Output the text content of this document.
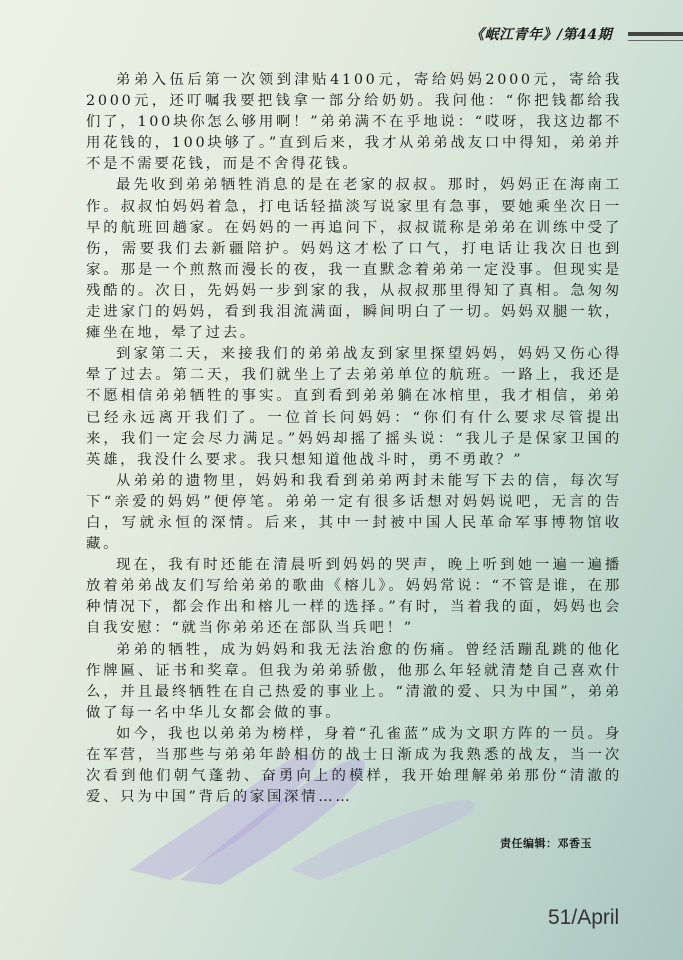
《岷江青年》/第44期

弟弟入伍后第一次领到津贴4100元，寄给妈妈2000元，寄给我2000元，还叮嘱我要把钱拿一部分给奶奶。我问他：“你把钱都给我们了，100块你怎么够用啊！”弟弟满不在乎地说：“哎呀，我这边都不用花钱的，100块够了。”直到后来，我才从弟弟战友口中得知，弟弟并不是不需要花钱，而是不舍得花钱。

最先收到弟弟牺牲消息的是在老家的叔叔。那时，妈妈正在海南工作。叔叔怕妈妈着急，打电话轻描淡写说家里有急事，要她乘坐次日一早的航班回趟家。在妈妈的一再追问下，叔叔谎称是弟弟在训练中受了伤，需要我们去新疆陪护。妈妈这才松了口气，打电话让我次日也到家。那是一个煎熬而漫长的夜，我一直默念着弟弟一定没事。但现实是残酷的。次日，先妈妈一步到家的我，从叔叔那里得知了真相。急匆匆走进家门的妈妈，看到我泪流满面，瞬间明白了一切。妈妈双腿一软，瘫坐在地，晕了过去。

到家第二天，来接我们的弟弟战友到家里探望妈妈，妈妈又伤心得晕了过去。第二天，我们就坐上了去弟弟单位的航班。一路上，我还是不愿相信弟弟牺牲的事实。直到看到弟弟躺在冰棺里，我才相信，弟弟已经永远离开我们了。一位首长问妈妈：“你们有什么要求尽管提出来，我们一定会尽力满足。”妈妈却摇了摇头说：“我儿子是保家卫国的英雄，我没什么要求。我只想知道他战斗时，勇不勇敢？”

从弟弟的遗物里，妈妈和我看到弟弟两封未能写下去的信，每次写下“亲爱的妈妈”便停笔。弟弟一定有很多话想对妈妈说吧，无言的告白，写就永恒的深情。后来，其中一封被中国人民革命军事博物馆收藏。

现在，我有时还能在清晨听到妈妈的哭声，晚上听到她一遍一遍播放着弟弟战友们写给弟弟的歌曲《榕儿》。妈妈常说：“不管是谁，在那种情况下，都会作出和榕儿一样的选择。”有时，当着我的面，妈妈也会自我安慰：“就当你弟弟还在部队当兵吧！”

弟弟的牺牲，成为妈妈和我无法治愈的伤痛。曾经活蹦乱跳的他化作牌匾、证书和奖章。但我为弟弟骄傲，他那么年轻就清楚自己喜欢什么，并且最终牺牲在自己热爱的事业上。“清澈的爱、只为中国”，弟弟做了每一名中华儿女都会做的事。

如今，我也以弟弟为榜样，身着“孔雀蓝”成为文职方阵的一员。身在军营，当那些与弟弟年龄相仿的战士日渐成为我熟悉的战友，当一次次看到他们朝气蓬勃、奋勇向上的模样，我开始理解弟弟那份“清澈的爱、只为中国”背后的家国深情……

责任编辑：邓香玉
51/April
